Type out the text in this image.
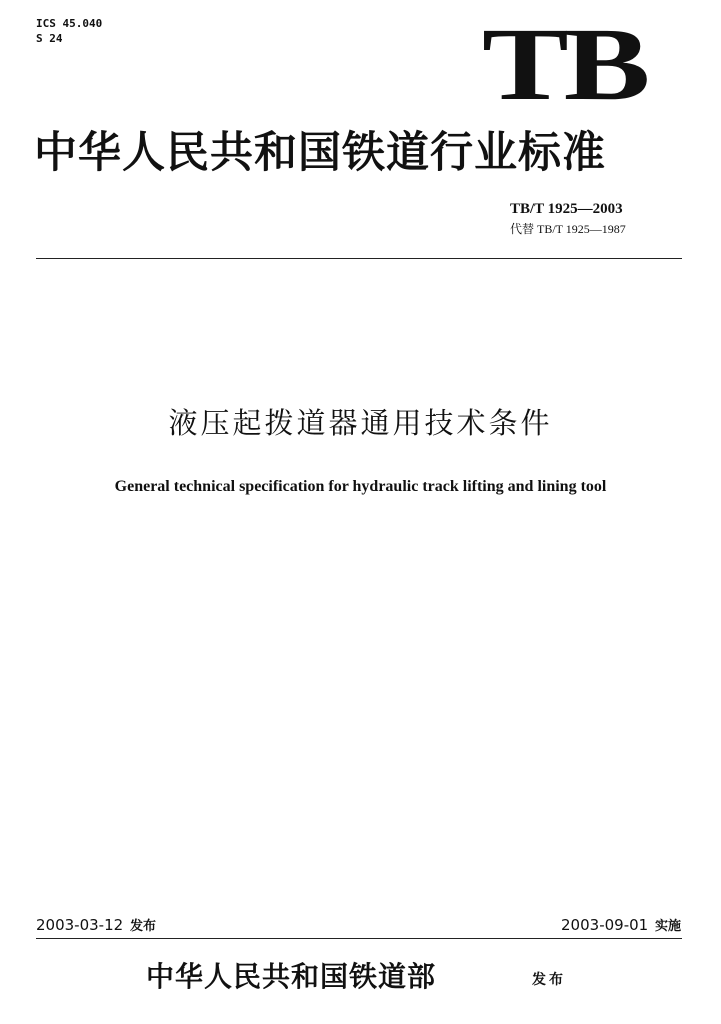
ICS 45.040
S 24	TB
中华人民共和国铁道行业标准
TB/T 1925—2003
代替 TB/T 1925—1987
液压起拨道器通用技术条件
General technical specification for hydraulic track lifting and lining tool
2003-03-12 发布	2003-09-01 实施
中华人民共和国铁道部	发布
